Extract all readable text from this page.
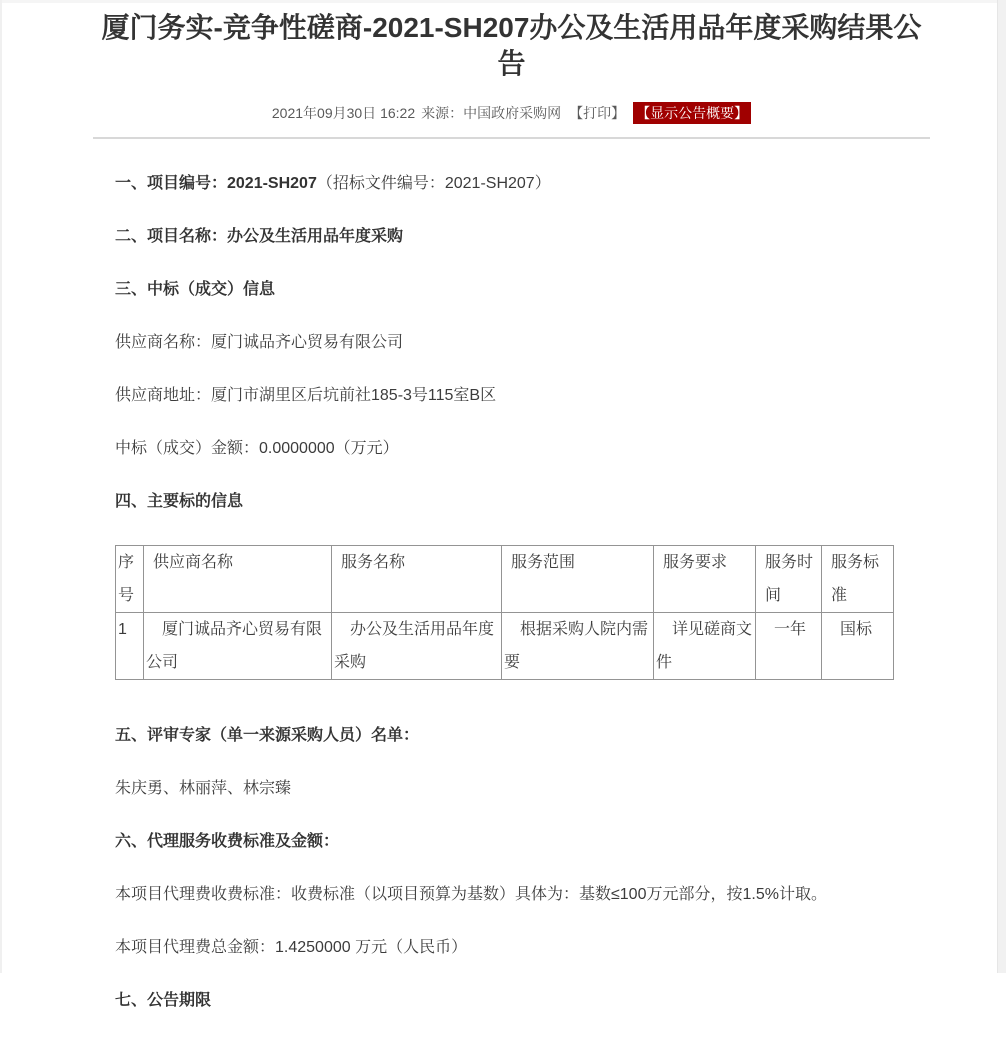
厦门务实-竞争性磋商-2021-SH207办公及生活用品年度采购结果公告
2021年09月30日 16:22 来源：中国政府采购网 【打印】 【显示公告概要】

一、项目编号：2021-SH207（招标文件编号：2021-SH207）

二、项目名称：办公及生活用品年度采购

三、中标（成交）信息

供应商名称：厦门诚品齐心贸易有限公司

供应商地址：厦门市湖里区后坑前社185-3号115室B区

中标（成交）金额：0.0000000（万元）

四、主要标的信息

序号	供应商名称	服务名称	服务范围	服务要求	服务时间	服务标准
1	厦门诚品齐心贸易有限公司	办公及生活用品年度采购	根据采购人院内需要	详见磋商文件	一年	国标

五、评审专家（单一来源采购人员）名单：

朱庆勇、林丽萍、林宗臻

六、代理服务收费标准及金额：

本项目代理费收费标准：收费标准（以项目预算为基数）具体为：基数≤100万元部分，按1.5%计取。

本项目代理费总金额：1.4250000 万元（人民币）

七、公告期限
